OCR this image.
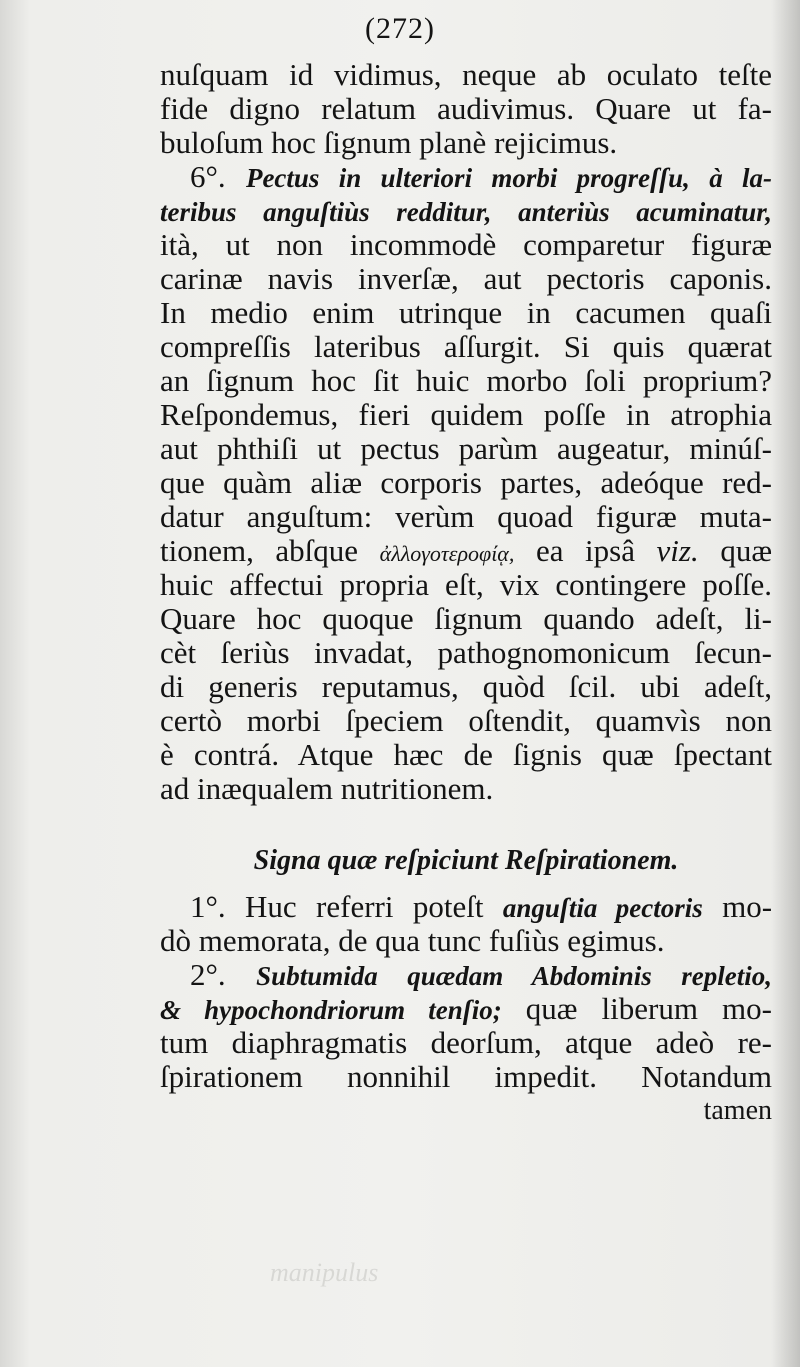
(272)
nuſquam id vidimus, neque ab oculato teſte
fide digno relatum audivimus. Quare ut fa-
buloſum hoc ſignum planè rejicimus.
6°. Pectus in ulteriori morbi progreſſu, à la-
teribus anguſtiùs redditur, anteriùs acuminatur,
ità, ut non incommodè comparetur figuræ
carinæ navis inverſæ, aut pectoris caponis.
In medio enim utrinque in cacumen quaſi
compreſſis lateribus aſſurgit. Si quis quærat
an ſignum hoc ſit huic morbo ſoli proprium?
Reſpondemus, fieri quidem poſſe in atrophia
aut phthiſi ut pectus parùm augeatur, minúſ-
que quàm aliæ corporis partes, adeóque red-
datur anguſtum: verùm quoad figuræ muta-
tionem, abſque ἀλλογοτεροφίᾳ, ea ipsâ viz. quæ
huic affectui propria eſt, vix contingere poſſe.
Quare hoc quoque ſignum quando adeſt, li-
cèt ſeriùs invadat, pathognomonicum ſecun-
di generis reputamus, quòd ſcil. ubi adeſt,
certò morbi ſpeciem oſtendit, quamvìs non
è contrá. Atque hæc de ſignis quæ ſpectant
ad inæqualem nutritionem.
Signa quæ reſpiciunt Reſpirationem.
1°. Huc referri poteſt anguſtia pectoris mo-
dò memorata, de qua tunc fuſiùs egimus.
2°. Subtumida quædam Abdominis repletio,
& hypochondriorum tenſio; quæ liberum mo-
tum diaphragmatis deorſum, atque adeò re-
ſpirationem nonnihil impedit. Notandum
tamen
manipulus
